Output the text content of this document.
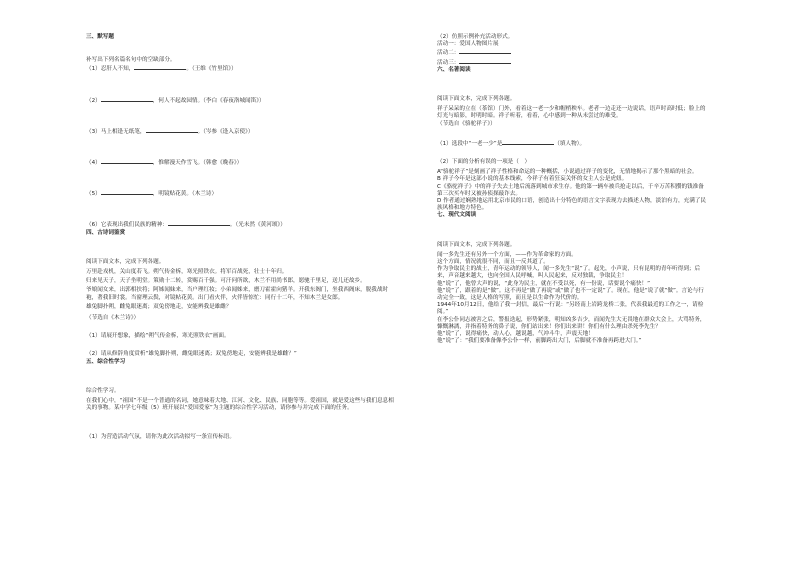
三、默写题

补写出下列名篇名句中的空缺部分。

（1）忍肝人不知，	。（王维《竹里馆》）

（2）	，何人不起故园情。（李白《春夜洛城闻笛》）

（3）马上相逢无纸笔，	。（岑参《逢入京使》）

（4）	，惟解漫天作雪飞。（韩愈《晚春》）

（5）	，明镜贴花黄。（木兰诗）

（6）它表现出我们民族的精神：	。（光未然《黄河颂》）

四、古诗词鉴赏

阅读下面文本，完成下列各题。

万里赴戎机，关山度若飞。朔气传金柝，寒光照铁衣。将军百战死，壮士十年归。

归来见天子，天子坐明堂。策勋十二转，赏赐百千强。可汗问所欲，木兰不用尚书郎，愿驰千里足，送儿还故乡。

爷娘闻女来，出郭相扶将；阿姊闻妹来，当户理红妆；小弟闻姊来，磨刀霍霍向猪羊。开我东阁门，坐我西阁床，脱我战时袍，著我旧时裳。当窗理云鬓，对镜帖花黄。出门看火伴，火伴皆惊忙：同行十二年，不知木兰是女郎。

雄兔脚扑朔，雌兔眼迷离；双兔傍地走，安能辨我是雄雌？

（节选自《木兰诗》）

（1）请展开想象，描绘“朔气传金柝，寒光照铁衣”画面。

（2）请从修辞角度赏析“雄兔脚扑朔，雌兔眼迷离；双兔傍地走，安能辨我是雄雌？”

五、综合性学习

综合性学习。

在我们心中，“祖国”不是一个普通的名词，她意味着大地、江河、文化、民族、同胞等等。爱祖国，就是爱这些与我们息息相关的事物。某中学七年级（5）班开展以“爱国爱家”为主题的综合性学习活动，请你参与并完成下面的任务。

（1）为营造活动气氛，请你为此次活动拟写一条宣传标语。

（2）仿照示例补充活动形式。

活动一：爱国人物图片展

活动二：

活动三：

六、名著阅读

阅读下面文本，完成下列各题。

祥子呆呆的立在（茶馆）门外，看着这一老一少和帽梢秧车。老者一边走还一边说话，语声时高时低；脸上的灯光与暗影，时明时暗。祥子听着，看着，心中感到一种从未尝过的难受。

（节选自《骆驼祥子》）

（1）选段中“一老一少”是	（填人物）。

（2）下面的分析有误的一项是（　）

A“骆驼祥子”是刻画了祥子性格和命运的一种概括，小说通过祥子的变化，无情地揭示了那个黑暗的社会。

B 祥子今年是这部小说的基本线索，今祥子有着狂妄关怀的女主人公是虎妞。

C《骆驼祥子》中的祥子失去土地后流落到城市求生存。他的第一辆车被兵抢走以后，千辛万苦积攒的钱准备第三次买车时又被孙侦探敲诈去。

D 作者通过娴熟地运用北京市民的口语，创造出十分特色的语言文字表现力去描述人物，淡泊有力，充满了民族风格和地方特色。

七、现代文阅读

阅读下面文本，完成下列各题。

闻一多先生还有另外一个方面，——作为革命家的方面。

这个方面，情况就很不同，而且一反其道了。

作为争取民主的战士，青年运动的领导人，闻一多先生“说”了。起先，小声说，只有昆明的青年听得到；后来，声音越来越大，也向全国人民呼喊，叫人民起来，反对独裁，争取民主！

他“说”了，他曾大声的说，“此身为民主，就在不受以死，有一份说，话要说个痛快！”

他“说”了，跟着的是“做”。这不再是“做了再说”或“做了也不一定说”了。现在，他是“说了就”做”。言论与行动完全一致，这是人格的写照，而且是以生命作为代价的。

1944年10月12日，他给了我一封信，最后一行说：“另经南上岩跨龙桥二张，代表我最近的工作之一，请检阅。”

在李公仆同志被害之后，警报迭起，形势紧张，明知凶多吉少，而闻先生大无畏地在群众大会上，大骂特务，慷慨淋漓，并指着特务的鼻子说，你们站出来！你们出来讲！你们有什么理由杀死李先生？

他“说”了，说得痛快，动人心，越说越，气冲斗牛，声震天地！

他“说”了：“我们要准备像李公仆一样，前脚跨出大门，后脚就不准备再跨进大门。”
